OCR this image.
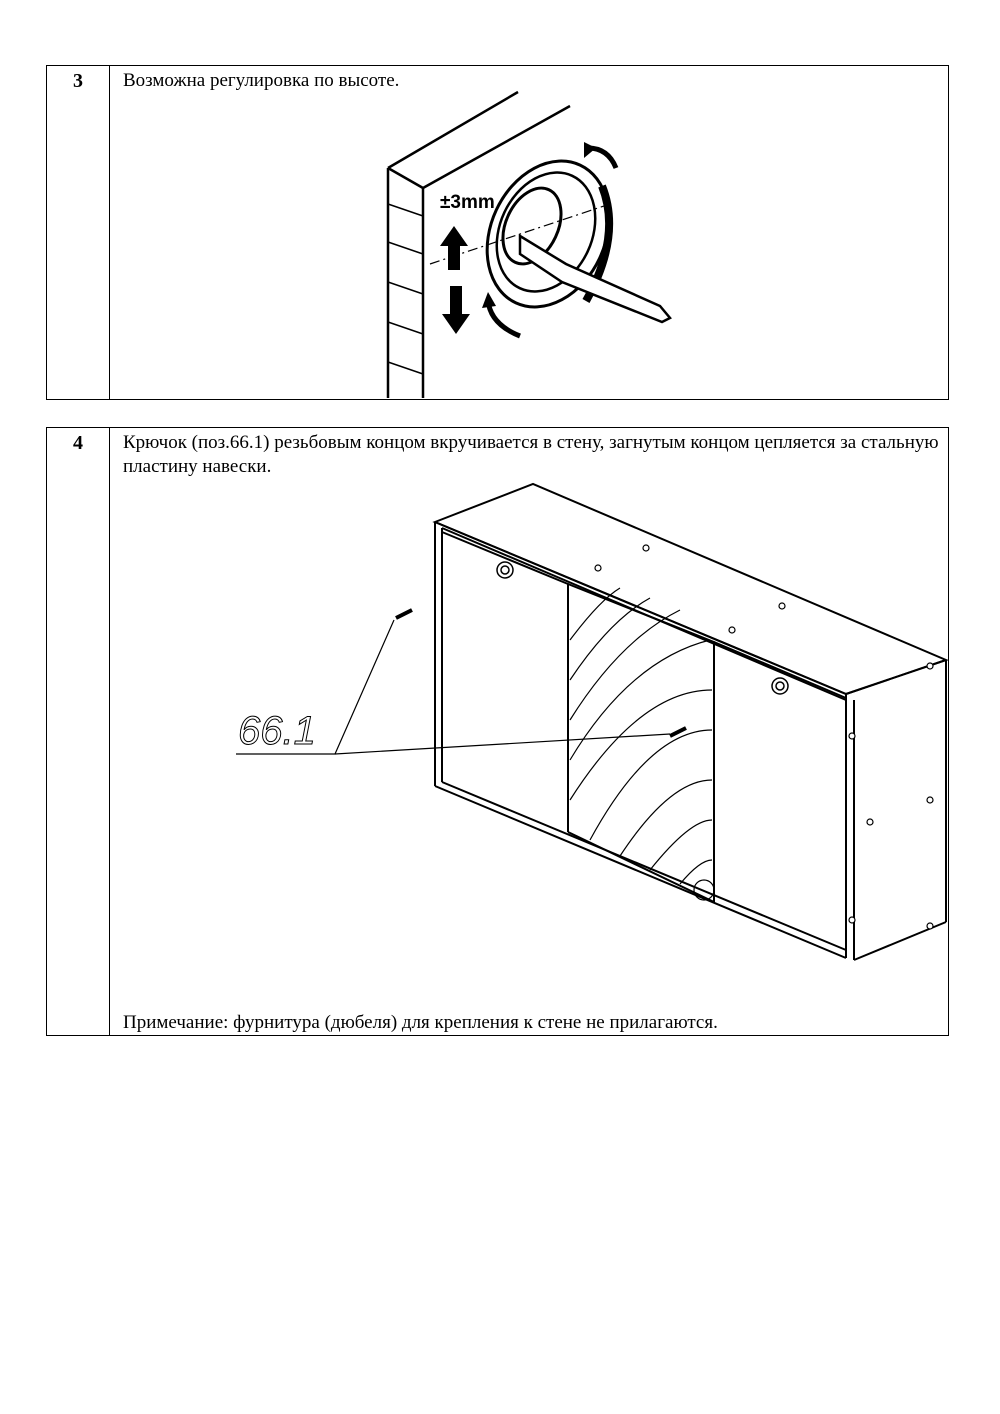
3	Возможна регулировка по высоте.
±3mm
4	Крючок (поз.66.1) резьбовым концом вкручивается в стену, загнутым концом цепляется за стальную пластину навески.
66.1
Примечание: фурнитура (дюбеля) для крепления к стене не прилагаются.
